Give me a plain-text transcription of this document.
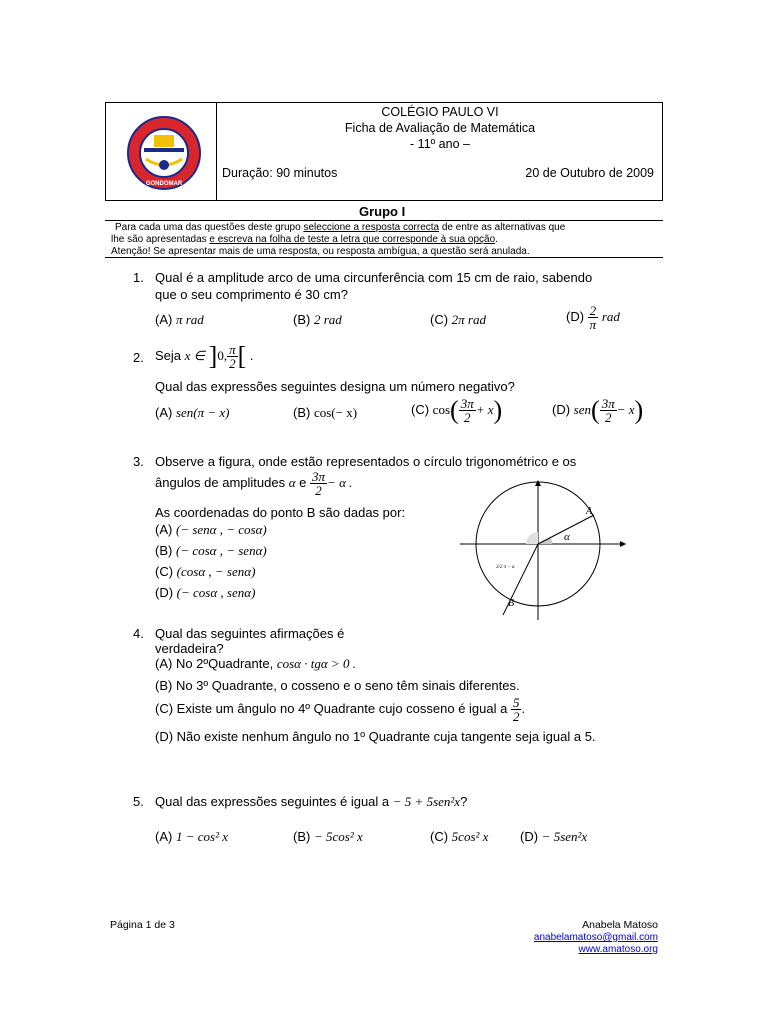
COLÉGIO PAULO VI
GONDOMAR
COLÉGIO PAULO VI
Ficha de Avaliação de Matemática
- 11º ano –
Duração: 90 minutos	20 de Outubro de 2009
Grupo I
Para cada uma das questões deste grupo seleccione a resposta correcta de entre as alternativas que
lhe são apresentadas e escreva na folha de teste a letra que corresponde à sua opção.
Atenção! Se apresentar mais de uma resposta, ou resposta ambígua, a questão será anulada.
1. Qual é a amplitude arco de uma circunferência com 15 cm de raio, sabendo
que o seu comprimento é 30 cm?
(A) π rad	(B) 2 rad	(C) 2π rad	$(D) \frac{2}{\pi}$ rad
2. Seja x ∈ ]0, $\frac{\pi}{2}$ [ .
Qual das expressões seguintes designa um número negativo?
(A) sen(π − x)	(B) cos(− x)	(C) $\cos( \frac{3\pi}{2} + x)$	(D) $sen( \frac{3\pi}{2} - x)$
3. Observe a figura, onde estão representados o círculo trigonométrico e os
ângulos de amplitudes α e $\frac{3\pi}{2} - \alpha$ .
As coordenadas do ponto B são dadas por:
(A) (− senα , − cosα)
(B) (− cosα , − senα)
(C) (cosα , − senα)
(D) (− cosα , senα)
A
B
α
3/2 π − α
4. Qual das seguintes afirmações é
verdadeira?
(A) No 2ºQuadrante, cosα · tgα > 0 .
(B) No 3º Quadrante, o cosseno e o seno têm sinais diferentes.
(C) Existe um ângulo no 4º Quadrante cujo cosseno é igual a $\frac{5}{2}$ .
(D) Não existe nenhum ângulo no 1º Quadrante cuja tangente seja igual a 5.
5. Qual das expressões seguintes é igual a − 5 + 5sen²x?
(A) 1 − cos² x	(B) − 5cos² x	(C) 5cos² x (D) − 5sen²x
Página 1 de 3	Anabela Matoso
anabelamatoso@gmail.com
www.amatoso.org
